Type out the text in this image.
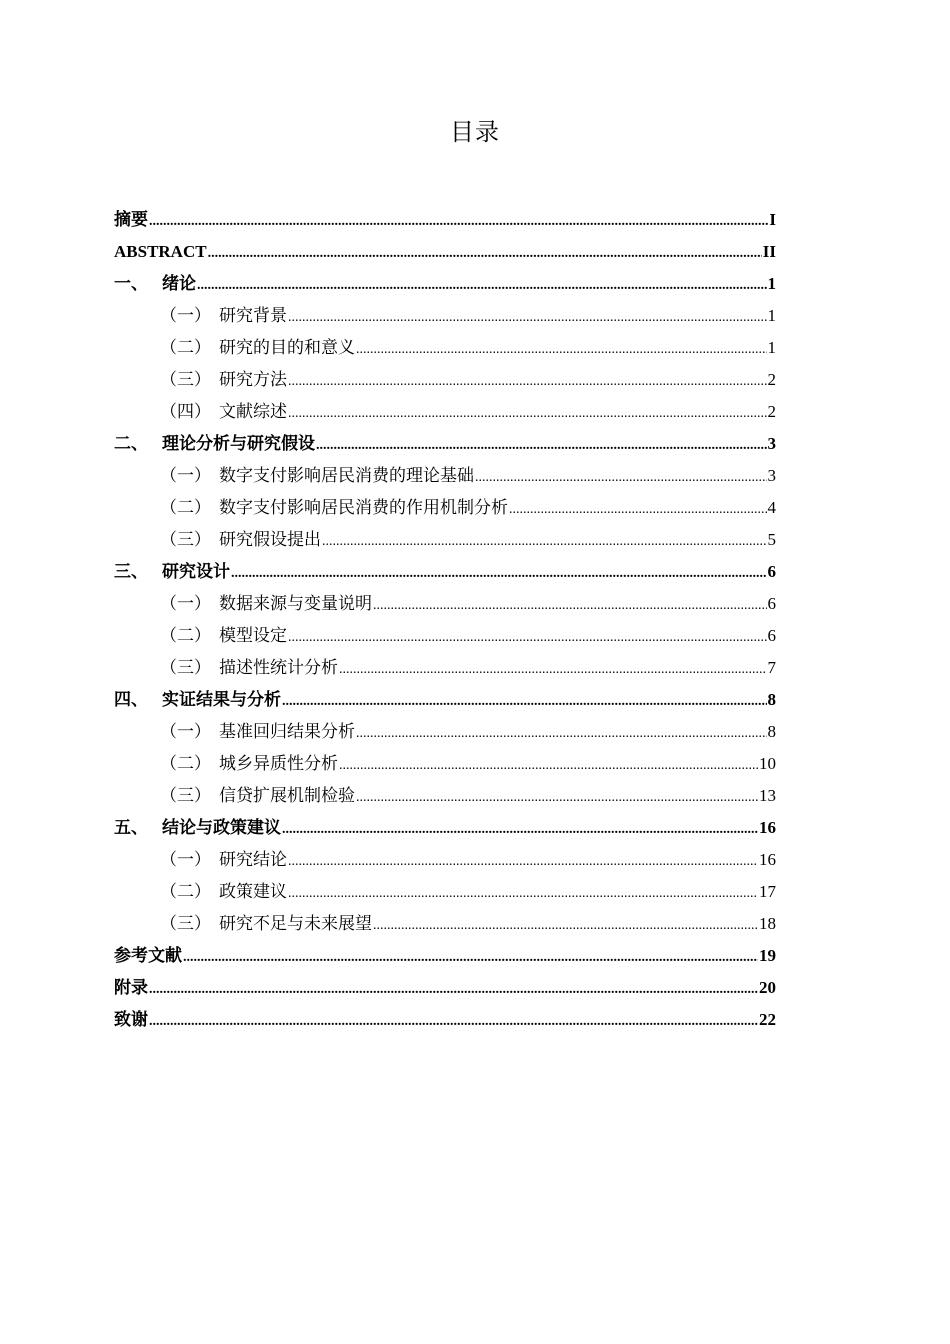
目录
摘要 .....	I
ABSTRACT .....	II
一、 绪论 .....	1
（一） 研究背景 .....	1
（二） 研究的目的和意义 .....	1
（三） 研究方法 .....	2
（四） 文献综述 .....	2
二、 理论分析与研究假设 .....	3
（一） 数字支付影响居民消费的理论基础 .....	3
（二） 数字支付影响居民消费的作用机制分析 .....	4
（三） 研究假设提出 .....	5
三、 研究设计 .....	6
（一） 数据来源与变量说明 .....	6
（二） 模型设定 .....	6
（三） 描述性统计分析 .....	7
四、 实证结果与分析 .....	8
（一） 基准回归结果分析 .....	8
（二） 城乡异质性分析 .....	10
（三） 信贷扩展机制检验 .....	13
五、 结论与政策建议 .....	16
（一） 研究结论 .....	16
（二） 政策建议 .....	17
（三） 研究不足与未来展望 .....	18
参考文献 .....	19
附录 .....	20
致谢 .....	22
